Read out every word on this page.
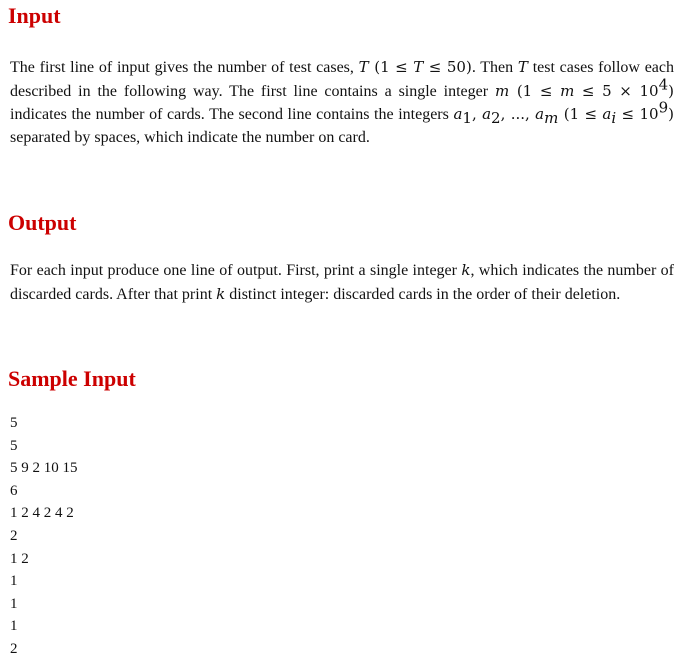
Input

The first line of input gives the number of test cases, T (1 ≤ T ≤ 50). Then T test cases follow each described in the following way. The first line contains a single integer m $(1 \le m \le 5 \times 10^4)$ indicates the number of cards. The second line contains the integers $a_1$, $a_2$, ..., $a_m$ $(1 \le a_i \le 10^9)$ separated by spaces, which indicate the number on card.

Output

For each input produce one line of output. First, print a single integer k, which indicates the number of discarded cards. After that print k distinct integer: discarded cards in the order of their deletion.

Sample Input
5
5
5 9 2 10 15
6
1 2 4 2 4 2
2
1 2
1
1
1
2
